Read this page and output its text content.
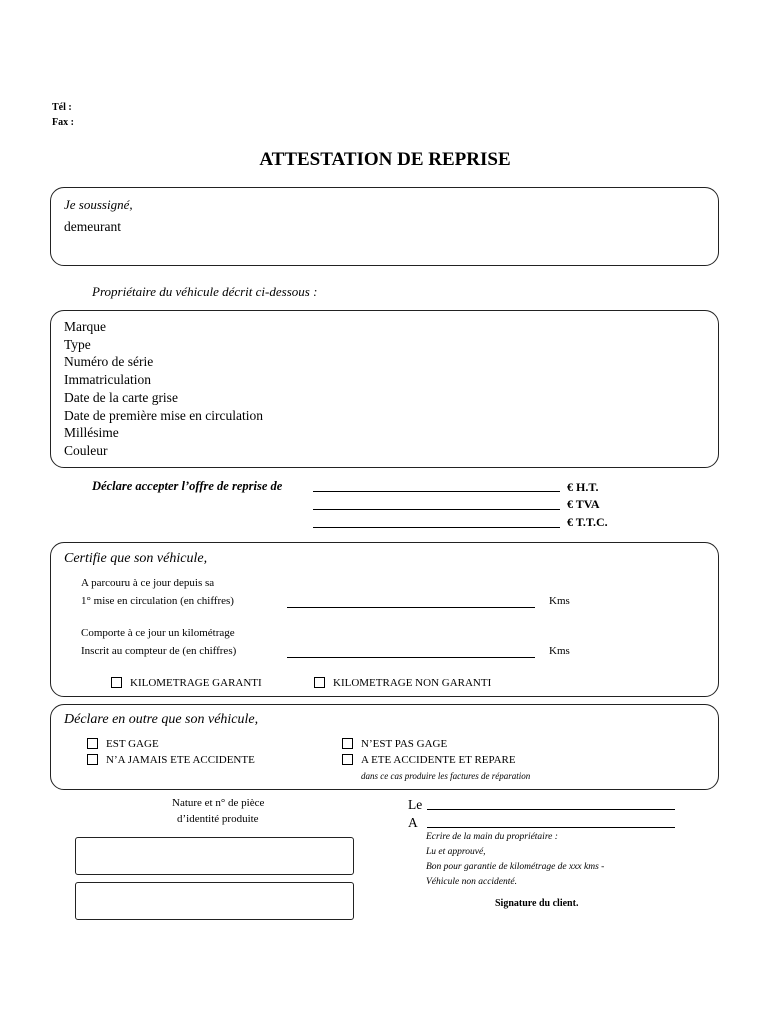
Tél :
Fax :
ATTESTATION DE REPRISE
Je soussigné,
demeurant
Propriétaire du véhicule décrit ci-dessous :
Marque
Type
Numéro de série
Immatriculation
Date de la carte grise
Date de première mise en circulation
Millésime
Couleur
Déclare accepter l’offre de reprise de	€ H.T.
€ TVA
€ T.T.C.
Certifie que son véhicule,
A parcouru à ce jour depuis sa
1° mise en circulation (en chiffres)	Kms
Comporte à ce jour un kilométrage
Inscrit au compteur de (en chiffres)	Kms
KILOMETRAGE GARANTI	KILOMETRAGE NON GARANTI
Déclare en outre que son véhicule,
EST GAGE
N’A JAMAIS ETE ACCIDENTE
N’EST PAS GAGE
A ETE ACCIDENTE ET REPARE
dans ce cas produire les factures de réparation
Nature et n° de pièce
d’identité produite
Le
A
Ecrire de la main du propriétaire :
Lu et approuvé,
Bon pour garantie de kilométrage de xxx kms -
Véhicule non accidenté.
Signature du client.
